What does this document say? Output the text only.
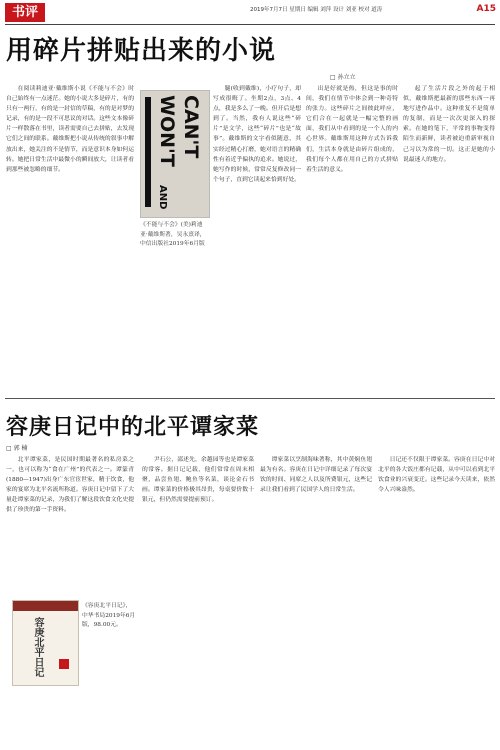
书评	2019年7月7日 星期日 编辑 刘萍 设计 刘亚 校对 道涛	A15
用碎片拼贴出来的小说
□ 孙立立

在阅读莉迪亚·戴维斯小说《不能与不会》时自己始终有一点迷茫。她的小说大多是碎片，有的只有一两行，有的是一封信的草稿，有的是对梦的记录，有的是一段不可思议的对话。这些文本像碎片一样散落在书里，读者需要自己去拼贴，去发现它们之间的联系。戴维斯把小说从传统的叙事中解放出来，她关注的不是情节，而是意识本身如何运转。她把日常生活中最微小的瞬间放大，让读者看到那些被忽略的细节。

CAN'T
WON'T
AND
《不能与不会》(美)莉迪亚·戴维斯著，吴永熹译，中信出版社2019年6月版

腿(收到戴维)，小疗句子，却写成很晦了。坐期2点，3点、4点，我是多么了一晚。但开后是想到了。当然，我有人说这些“碎片”是文学，这些“碎片”也是“故事”。戴维斯的文字看似随意，其实经过精心打磨，她对语言的精确性有着近乎偏执的追求。她说过，她写作的时候，常常反复修改同一个句子，直到它读起来恰到好处。

出是好就是热，但这是事的时间，我们在情节中体会到一种奇特的张力。这些碎片之间彼此呼应，它们合在一起就是一幅完整的画面，我们从中看到的是一个人的内心世界。戴维斯用这种方式告诉我们，生活本身就是由碎片组成的，我们每个人都在用自己的方式拼贴着生活的意义。

起了生活片段之外的起于相似，戴维斯把最新的那些东西一再地写进作品中。这种重复不是简单的复制，而是一次次更深入的探索。在她的笔下，平常的事物变得陌生而新鲜，读者被迫重新审视自己习以为常的一切。这正是她的小说最迷人的地方。

容庚日记中的北平谭家菜
□ 郭 楠

北平谭家菜，是民国时期最著名的私房菜之一，也可以称为“食在广州”的代表之一。谭篆青(1880—1947)出身广东官宦世家，精于饮食，他家的宴席为北平名流所称道。容庚日记中留下了大量赴谭家菜的记录，为我们了解这段饮食文化史提供了珍贵的第一手资料。

容庚北平日记
《容庚北平日记》，中华书局2019年6月版，98.00元。

尹石公，邵述先，余越园等也是谭家菜的常客。据日记记载，他们常常在周末相聚，品尝鱼翅、鲍鱼等名菜，谈论金石书画。谭家菜的价格极其昂贵，每桌要价数十银元，但仍然需要提前预订。

谭家菜以烹制海味著称，其中黄焖鱼翅最为有名。容庚在日记中详细记录了每次宴饮的时间、同席之人以及所费银元，这些记录让我们看到了民国学人的日常生活。

日记还不仅限于谭家菜。容庚在日记中对北平的各大饭庄都有记载，从中可以看到北平饮食业的兴衰变迁。这些记录今天读来，依然令人兴味盎然。
